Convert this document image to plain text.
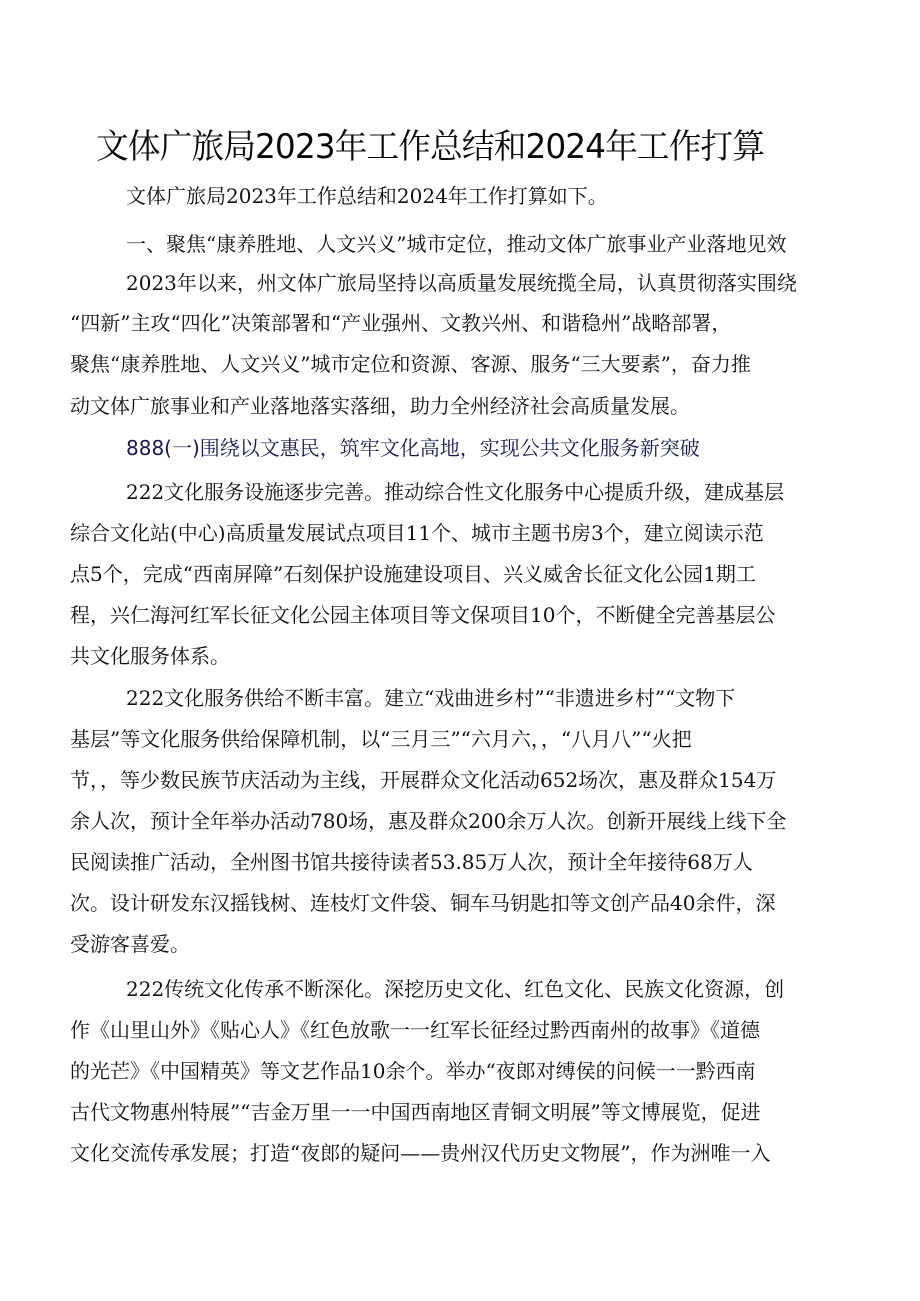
文体广旅局2023年工作总结和2024年工作打算
文体广旅局2023年工作总结和2024年工作打算如下。
一、聚焦“康养胜地、人文兴义”城市定位，推动文体广旅事业产业落地见效
2023年以来，州文体广旅局坚持以高质量发展统揽全局，认真贯彻落实围绕
“四新”主攻“四化”决策部署和“产业强州、文教兴州、和谐稳州”战略部署，
聚焦“康养胜地、人文兴义”城市定位和资源、客源、服务“三大要素”，奋力推
动文体广旅事业和产业落地落实落细，助力全州经济社会高质量发展。
888(一)围绕以文惠民，筑牢文化高地，实现公共文化服务新突破
222文化服务设施逐步完善。推动综合性文化服务中心提质升级，建成基层
综合文化站(中心)高质量发展试点项目11个、城市主题书房3个，建立阅读示范
点5个，完成“西南屏障”石刻保护设施建设项目、兴义威舍长征文化公园1期工
程，兴仁海河红军长征文化公园主体项目等文保项目10个，不断健全完善基层公
共文化服务体系。
222文化服务供给不断丰富。建立“戏曲进乡村”“非遗进乡村”“文物下
基层”等文化服务供给保障机制，以“三月三”“六月六，，“八月八”“火把
节，，等少数民族节庆活动为主线，开展群众文化活动652场次，惠及群众154万
余人次，预计全年举办活动780场，惠及群众200余万人次。创新开展线上线下全
民阅读推广活动，全州图书馆共接待读者53.85万人次，预计全年接待68万人
次。设计研发东汉摇钱树、连枝灯文件袋、铜车马钥匙扣等文创产品40余件，深
受游客喜爱。
222传统文化传承不断深化。深挖历史文化、红色文化、民族文化资源，创
作《山里山外》《贴心人》《红色放歌一一红军长征经过黔西南州的故事》《道德
的光芒》《中国精英》等文艺作品10余个。举办“夜郎对缚侯的问候一一黔西南
古代文物惠州特展”“吉金万里一一中国西南地区青铜文明展”等文博展览，促进
文化交流传承发展；打造“夜郎的疑问——贵州汉代历史文物展”，作为洲唯一入
